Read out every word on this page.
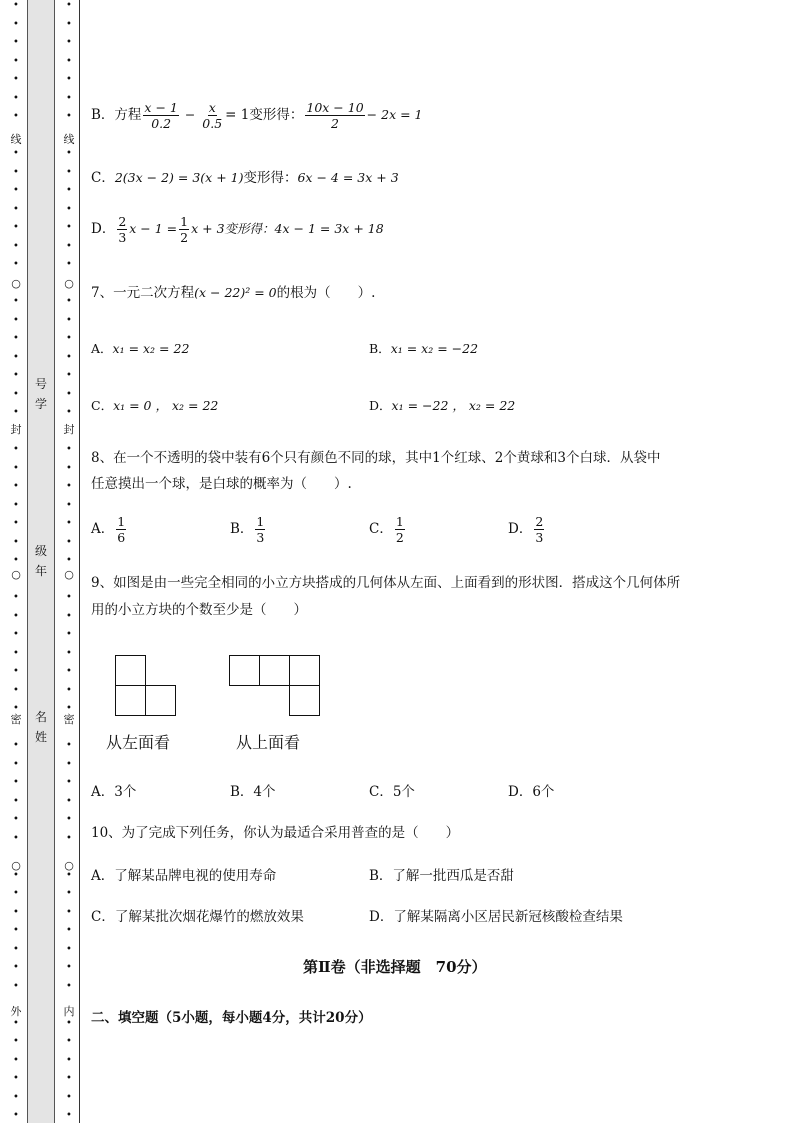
•
•
•
•
•
•
•
线
•
•
•
•
•
•
•
○
•
•
•
•
•
•
•
封
•
•
•
•
•
•
•
○
•
•
•
•
•
•
•
密
•
•
•
•
•
•
○
•
•
•
•
•
•
•
外
•
•
•
•
•
•
•
•
•
•
•
•
•
线
•
•
•
•
•
•
•
○
•
•
•
•
•
•
•
封
•
•
•
•
•
•
•
○
•
•
•
•
•
•
•
密
•
•
•
•
•
•
○
•
•
•
•
•
•
•
内
•
•
•
•
•
•
号
学
级
年
名
姓
B．方程 $\frac{x - 1}{0.2} - \frac{x}{0.5} = 1$变形得： $\frac{10x - 10}{2} - 2x = 1$
C．2(3x − 2) = 3(x + 1)变形得：6x − 4 = 3x + 3
D． $\frac{2}{3}$ $x - 1 = \frac{1}{2}$ x + 3变形得：4x − 1 = 3x + 18
7、一元二次方程(x − 22)² = 0的根为（　　）.
A．x₁ = x₂ = 22	B．x₁ = x₂ = −22
C．x₁ = 0 ， x₂ = 22	D．x₁ = −22 ， x₂ = 22
8、在一个不透明的袋中装有6个只有颜色不同的球，其中1个红球、2个黄球和3个白球．从袋中
任意摸出一个球，是白球的概率为（　　）.
A． $\frac{1}{6}$	B． $\frac{1}{3}$	C． $\frac{1}{2}$	D． $\frac{2}{3}$
9、如图是由一些完全相同的小立方块搭成的几何体从左面、上面看到的形状图．搭成这个几何体所
用的小立方块的个数至少是（　　）
从左面看	从上面看
A．3个	B．4个	C．5个	D．6个
10、为了完成下列任务，你认为最适合采用普查的是（　　）
A．了解某品牌电视的使用寿命	B．了解一批西瓜是否甜
C．了解某批次烟花爆竹的燃放效果	D．了解某隔离小区居民新冠核酸检查结果
第Ⅱ卷（非选择题　70分）
二、填空题（5小题，每小题4分，共计20分）
